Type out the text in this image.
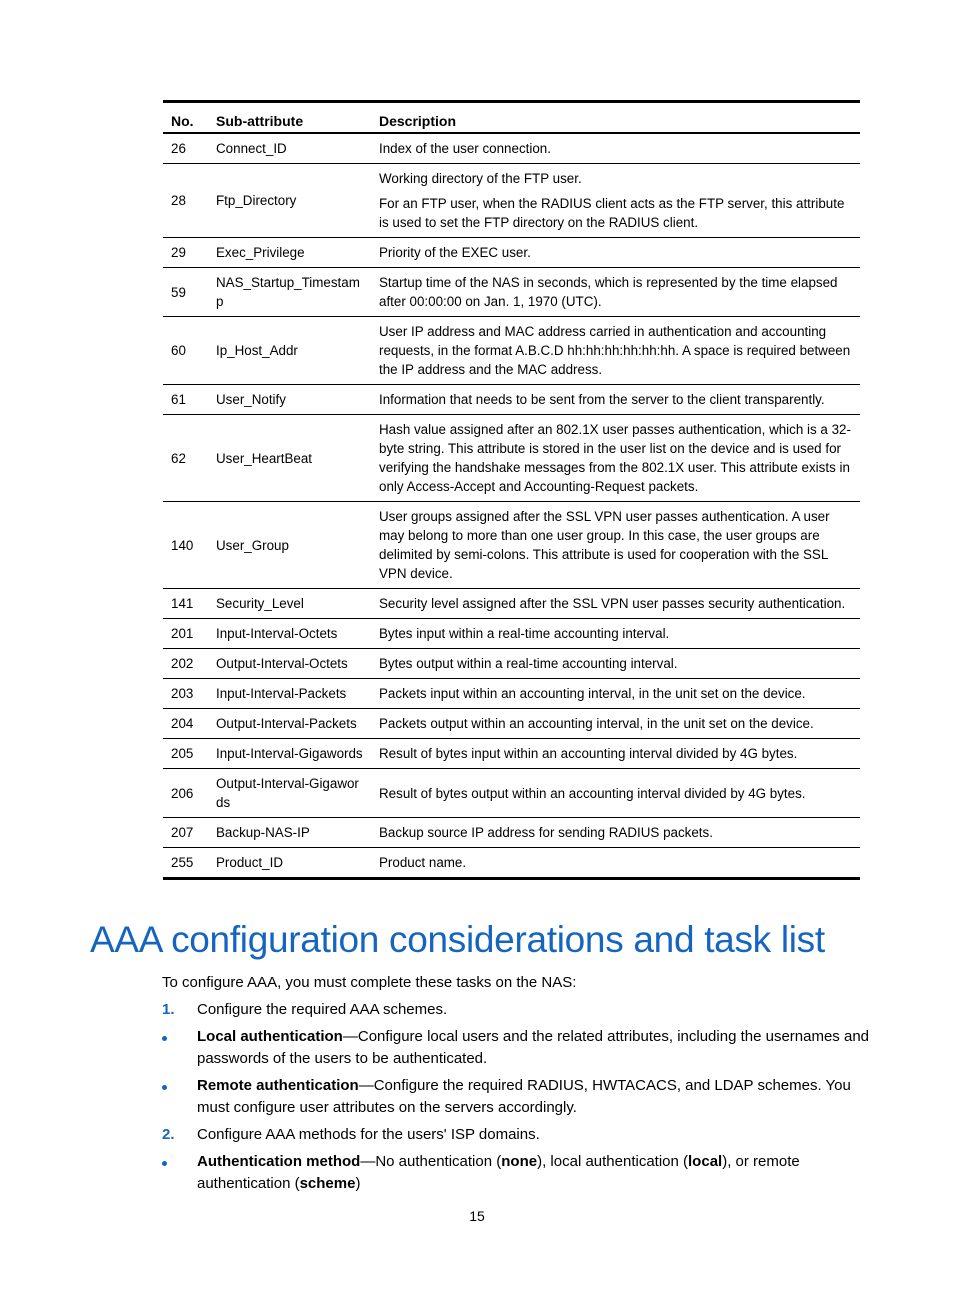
No.	Sub-attribute	Description
26	Connect_ID	Index of the user connection.

28	Ftp_Directory	Working directory of the FTP user.

For an FTP user, when the RADIUS client acts as the FTP server, this attribute is used to set the FTP directory on the RADIUS client.

29	Exec_Privilege	Priority of the EXEC user.

59	NAS_Startup_Timestamp	Startup time of the NAS in seconds, which is represented by the time elapsed after 00:00:00 on Jan. 1, 1970 (UTC).

60	Ip_Host_Addr	User IP address and MAC address carried in authentication and accounting requests, in the format A.B.C.D hh:hh:hh:hh:hh:hh. A space is required between the IP address and the MAC address.

61	User_Notify	Information that needs to be sent from the server to the client transparently.

62	User_HeartBeat	Hash value assigned after an 802.1X user passes authentication, which is a 32-byte string. This attribute is stored in the user list on the device and is used for verifying the handshake messages from the 802.1X user. This attribute exists in only Access-Accept and Accounting-Request packets.

140	User_Group	User groups assigned after the SSL VPN user passes authentication. A user may belong to more than one user group. In this case, the user groups are delimited by semi-colons. This attribute is used for cooperation with the SSL VPN device.

141	Security_Level	Security level assigned after the SSL VPN user passes security authentication.

201	Input-Interval-Octets	Bytes input within a real-time accounting interval.

202	Output-Interval-Octets	Bytes output within a real-time accounting interval.

203	Input-Interval-Packets	Packets input within an accounting interval, in the unit set on the device.

204	Output-Interval-Packets	Packets output within an accounting interval, in the unit set on the device.

205	Input-Interval-Gigawords	Result of bytes input within an accounting interval divided by 4G bytes.

206	Output-Interval-Gigawords	Result of bytes output within an accounting interval divided by 4G bytes.

207	Backup-NAS-IP	Backup source IP address for sending RADIUS packets.

255	Product_ID	Product name.

AAA configuration considerations and task list

To configure AAA, you must complete these tasks on the NAS:

1. Configure the required AAA schemes.
Local authentication—Configure local users and the related attributes, including the usernames and passwords of the users to be authenticated.
Remote authentication—Configure the required RADIUS, HWTACACS, and LDAP schemes. You must configure user attributes on the servers accordingly.
2. Configure AAA methods for the users' ISP domains.
Authentication method—No authentication (none), local authentication (local), or remote authentication (scheme)
15
